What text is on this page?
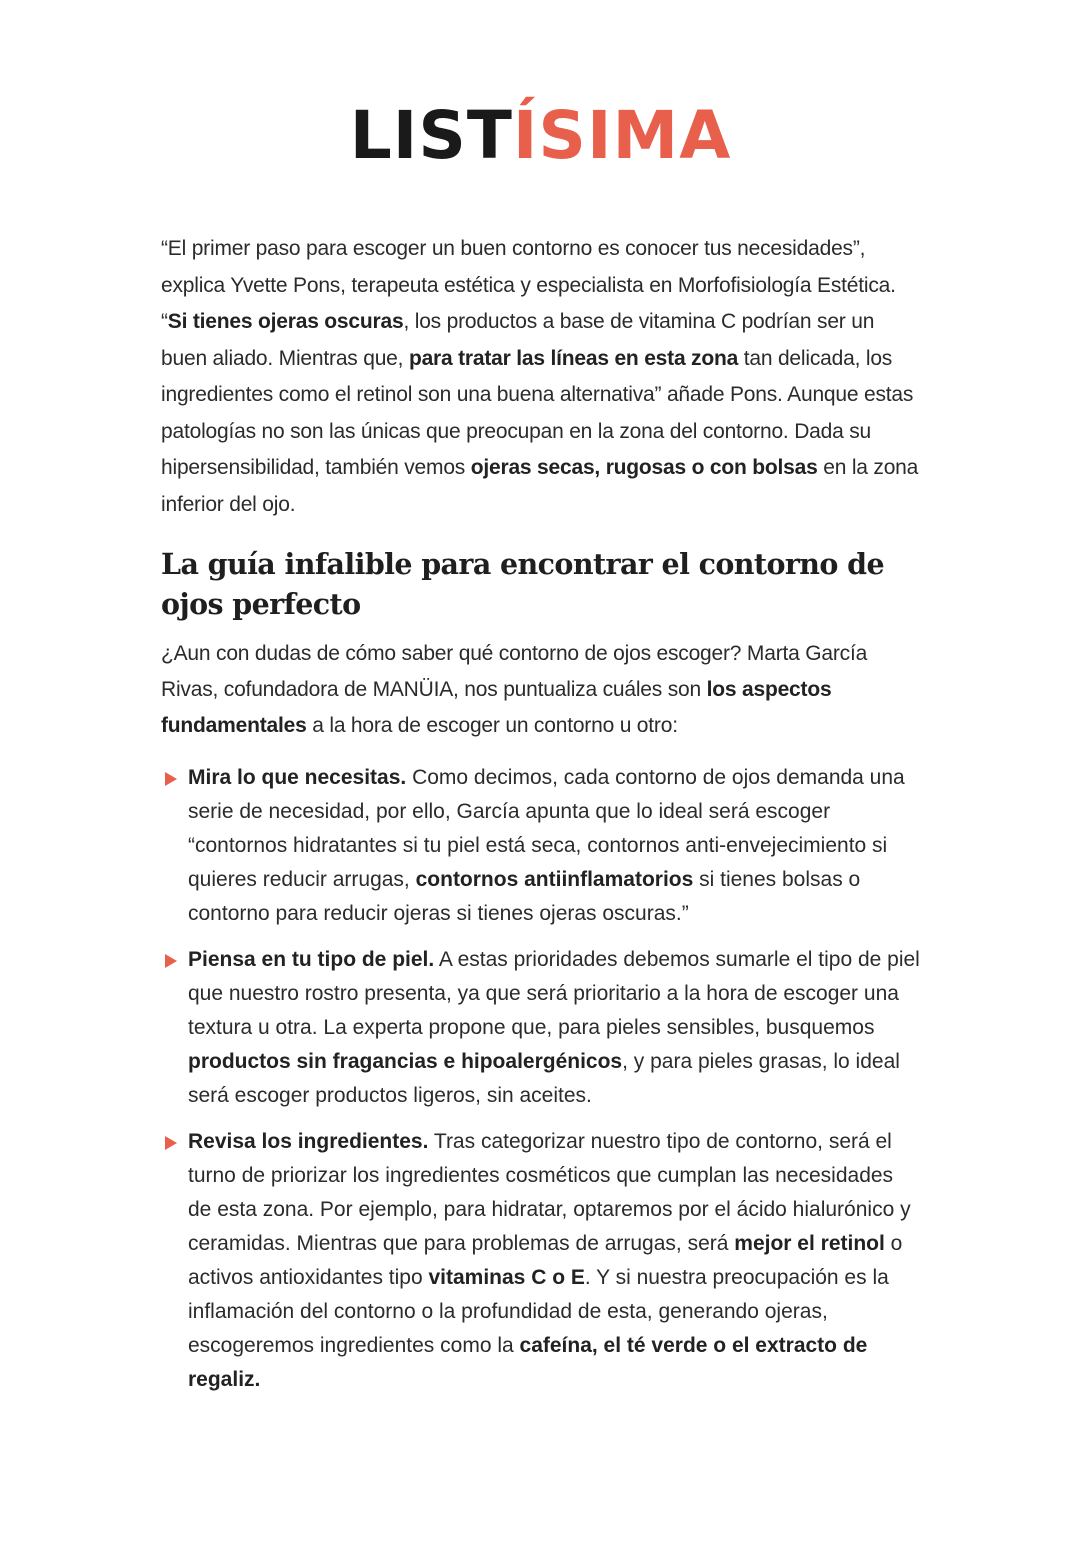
LISTÍSIMA

“El primer paso para escoger un buen contorno es conocer tus necesidades”, explica Yvette Pons, terapeuta estética y especialista en Morfofisiología Estética. “Si tienes ojeras oscuras, los productos a base de vitamina C podrían ser un buen aliado. Mientras que, para tratar las líneas en esta zona tan delicada, los ingredientes como el retinol son una buena alternativa” añade Pons. Aunque estas patologías no son las únicas que preocupan en la zona del contorno. Dada su hipersensibilidad, también vemos ojeras secas, rugosas o con bolsas en la zona inferior del ojo.

La guía infalible para encontrar el contorno de ojos perfecto

¿Aun con dudas de cómo saber qué contorno de ojos escoger? Marta García Rivas, cofundadora de MANÜIA, nos puntualiza cuáles son los aspectos fundamentales a la hora de escoger un contorno u otro:

Mira lo que necesitas. Como decimos, cada contorno de ojos demanda una serie de necesidad, por ello, García apunta que lo ideal será escoger “contornos hidratantes si tu piel está seca, contornos anti-envejecimiento si quieres reducir arrugas, contornos antiinflamatorios si tienes bolsas o contorno para reducir ojeras si tienes ojeras oscuras.”
Piensa en tu tipo de piel. A estas prioridades debemos sumarle el tipo de piel que nuestro rostro presenta, ya que será prioritario a la hora de escoger una textura u otra. La experta propone que, para pieles sensibles, busquemos productos sin fragancias e hipoalergénicos, y para pieles grasas, lo ideal será escoger productos ligeros, sin aceites.
Revisa los ingredientes. Tras categorizar nuestro tipo de contorno, será el turno de priorizar los ingredientes cosméticos que cumplan las necesidades de esta zona. Por ejemplo, para hidratar, optaremos por el ácido hialurónico y ceramidas. Mientras que para problemas de arrugas, será mejor el retinol o activos antioxidantes tipo vitaminas C o E. Y si nuestra preocupación es la inflamación del contorno o la profundidad de esta, generando ojeras, escogeremos ingredientes como la cafeína, el té verde o el extracto de regaliz.
